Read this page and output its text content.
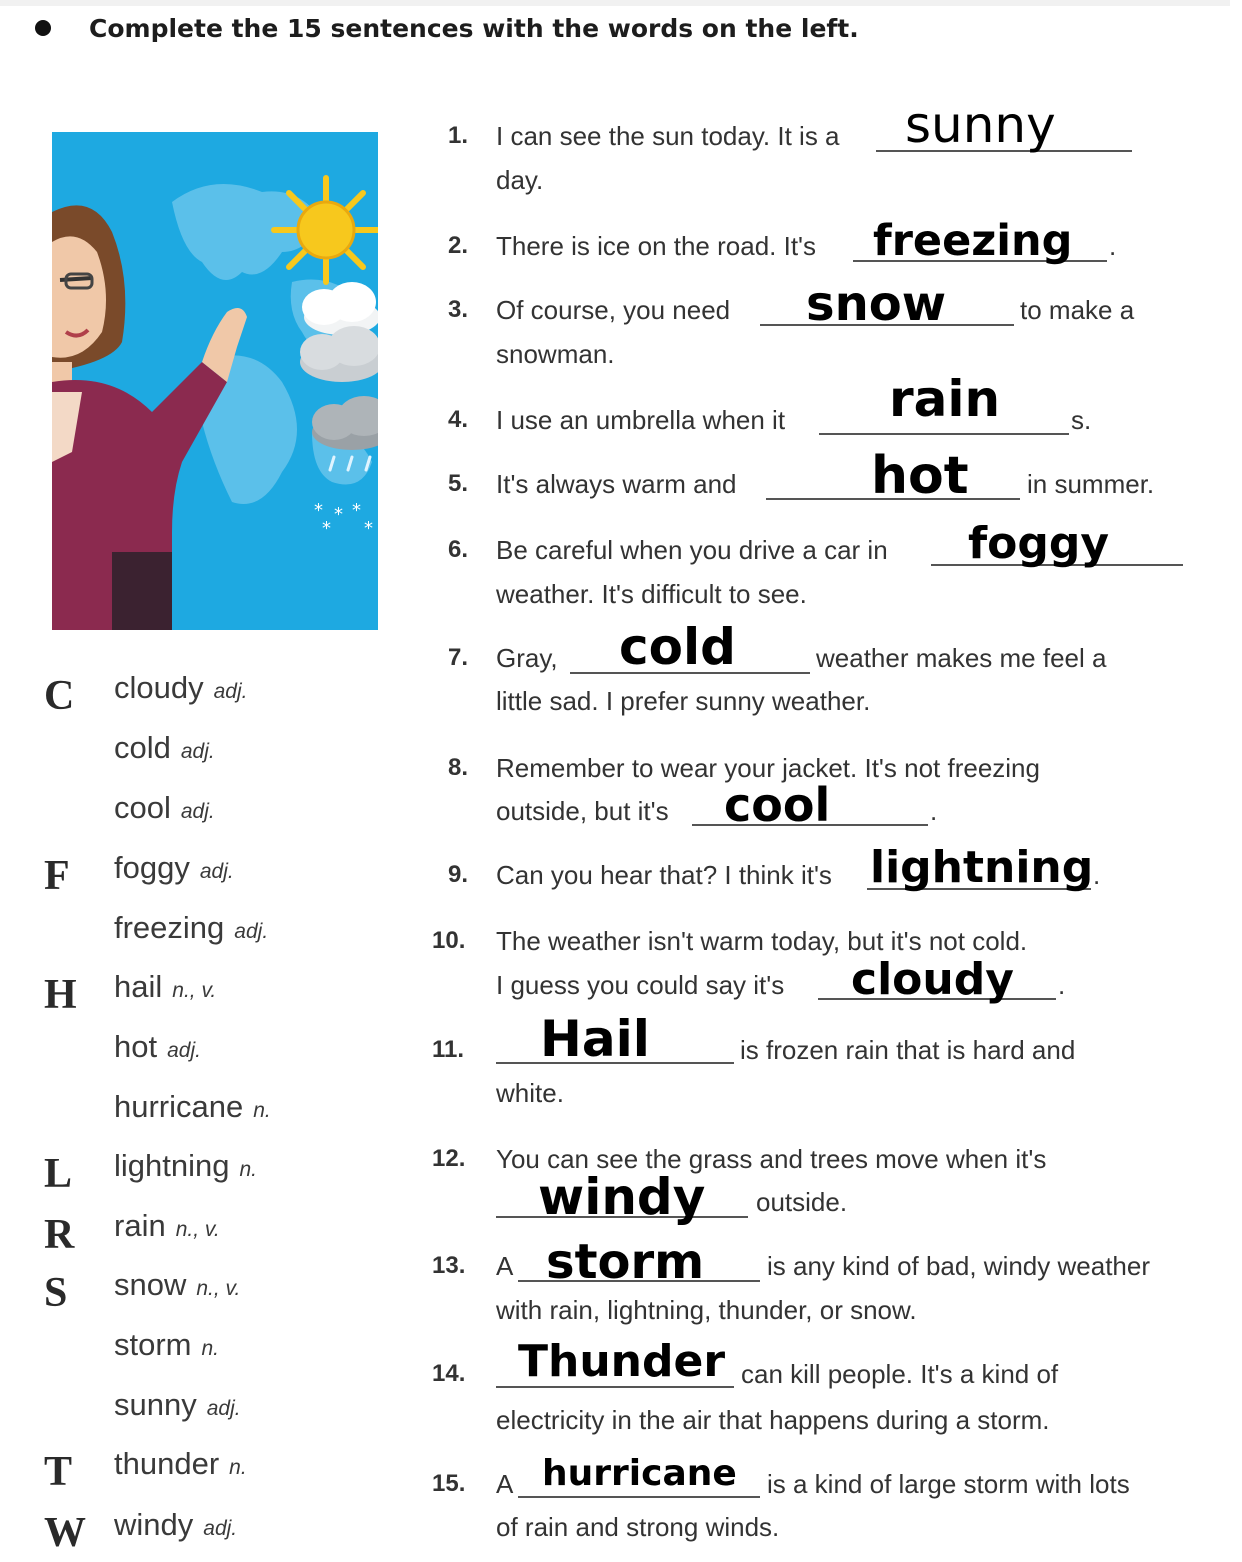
Complete the 15 sentences with the words on the left.
* * *
* *
C	cloudy adj.
cold adj.
cool adj.
F	foggy adj.
freezing adj.
H hail n., v.
hot adj.
hurricane n.
L	lightning n.
R	rain n., v.
S	snow n., v.
storm n.
sunny adj.
T	thunder n.
W windy adj.
1. I can see the sun today. It is a sunny
day.
2. There is ice on the road. It's freezing .
3. Of course, you need snow	to make a
snowman.
4. I use an umbrella when it rain	s.
5. It's always warm and	hot in summer.
6. Be careful when you drive a car in foggy
weather. It's difficult to see.
7. Gray, cold	weather makes me feel a
little sad. I prefer sunny weather.
8. Remember to wear your jacket. It's not freezing
outside, but it's cool	.
9. Can you hear that? I think it's lightning .
10. The weather isn't warm today, but it's not cold.
I guess you could say it's cloudy .
11. Hail	is frozen rain that is hard and
white.
12. You can see the grass and trees move when it's
windy outside.
13. A storm is any kind of bad, windy weather
with rain, lightning, thunder, or snow.
14. Thunder can kill people. It's a kind of
electricity in the air that happens during a storm.
15. A hurricane is a kind of large storm with lots
of rain and strong winds.
